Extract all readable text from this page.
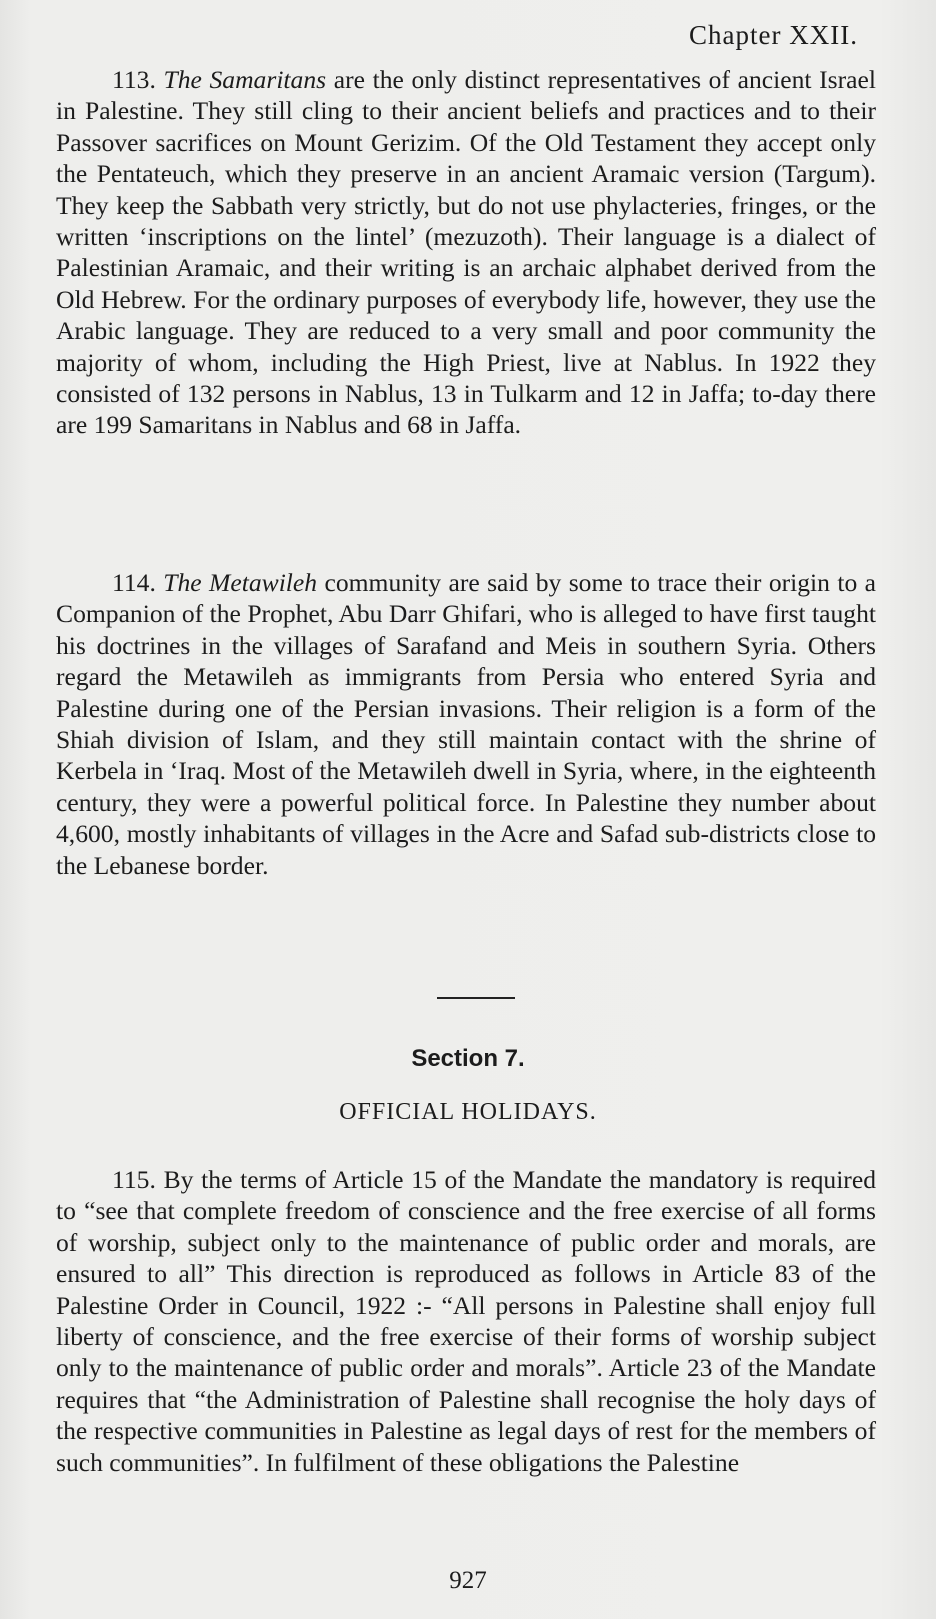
Chapter XXII.
113. The Samaritans are the only distinct representatives of ancient Israel in Palestine. They still cling to their ancient beliefs and practices and to their Passover sacrifices on Mount Gerizim. Of the Old Testament they accept only the Pentateuch, which they preserve in an ancient Aramaic version (Targum). They keep the Sabbath very strictly, but do not use phylacteries, fringes, or the written ‘inscriptions on the lintel’ (mezuzoth). Their language is a dialect of Palestinian Aramaic, and their writing is an archaic alphabet derived from the Old Hebrew. For the ordinary purposes of everybody life, however, they use the Arabic language. They are reduced to a very small and poor community the majority of whom, including the High Priest, live at Nablus. In 1922 they consisted of 132 persons in Nablus, 13 in Tulkarm and 12 in Jaffa; to-day there are 199 Samaritans in Nablus and 68 in Jaffa.
114. The Metawileh community are said by some to trace their origin to a Companion of the Prophet, Abu Darr Ghifari, who is alleged to have first taught his doctrines in the villages of Sarafand and Meis in southern Syria. Others regard the Metawileh as immigrants from Persia who entered Syria and Palestine during one of the Persian invasions. Their religion is a form of the Shiah division of Islam, and they still maintain contact with the shrine of Kerbela in ‘Iraq. Most of the Metawileh dwell in Syria, where, in the eighteenth century, they were a powerful political force. In Palestine they number about 4,600, mostly inhabitants of villages in the Acre and Safad sub-districts close to the Lebanese border.
Section 7.
OFFICIAL HOLIDAYS.
115. By the terms of Article 15 of the Mandate the mandatory is required to “see that complete freedom of conscience and the free exercise of all forms of worship, subject only to the maintenance of public order and morals, are ensured to all” This direction is reproduced as follows in Article 83 of the Palestine Order in Council, 1922 :- “All persons in Palestine shall enjoy full liberty of conscience, and the free exercise of their forms of worship subject only to the maintenance of public order and morals”. Article 23 of the Mandate requires that “the Administration of Palestine shall recognise the holy days of the respective communities in Palestine as legal days of rest for the members of such communities”. In fulfilment of these obligations the Palestine
927
